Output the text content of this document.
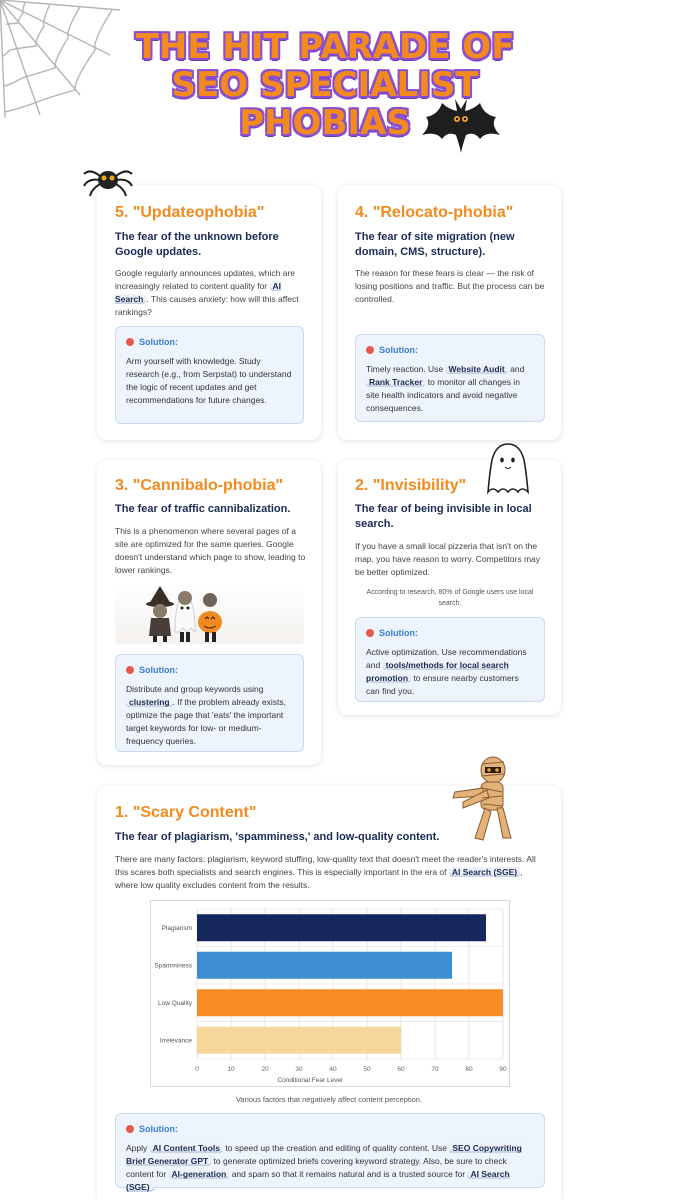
THE HIT PARADE OF SEO SPECIALIST PHOBIAS
5. "Updateophobia"
The fear of the unknown before Google updates.
Google regularly announces updates, which are increasingly related to content quality for AI Search . This causes anxiety: how will this affect rankings?
Solution:
Arm yourself with knowledge. Study research (e.g., from Serpstat) to understand the logic of recent updates and get recommendations for future changes.
4. "Relocato-phobia"
The fear of site migration (new domain, CMS, structure).
The reason for these fears is clear — the risk of losing positions and traffic. But the process can be controlled.
Solution:
Timely reaction. Use Website Audit and Rank Tracker to monitor all changes in site health indicators and avoid negative consequences.
3. "Cannibalo-phobia"
The fear of traffic cannibalization.
This is a phenomenon where several pages of a site are optimized for the same queries. Google doesn't understand which page to show, leading to lower rankings.
Solution:
Distribute and group keywords using clustering . If the problem already exists, optimize the page that 'eats' the important target keywords for low- or medium-frequency queries.
2. "Invisibility"
The fear of being invisible in local search.
If you have a small local pizzeria that isn't on the map, you have reason to worry. Competitors may be better optimized.
According to research, 80% of Google users use local search.
Solution:
Active optimization. Use recommendations and tools/methods for local search promotion to ensure nearby customers can find you.
1. "Scary Content"
The fear of plagiarism, 'spamminess,' and low-quality content.
There are many factors: plagiarism, keyword stuffing, low-quality text that doesn't meet the reader's interests. All this scares both specialists and search engines. This is especially important in the era of AI Search (SGE) , where low quality excludes content from the results.
0	10	20	30	40	50	60	70	80	90
Plagiarism
Spamminess
Low Quality
Irrelevance
Conditional Fear Level
Various factors that negatively affect content perception.
Solution:
Apply AI Content Tools to speed up the creation and editing of quality content. Use SEO Copywriting Brief Generator GPT to generate optimized briefs covering keyword strategy. Also, be sure to check content for AI-generation and spam so that it remains natural and is a trusted source for AI Search (SGE) .
